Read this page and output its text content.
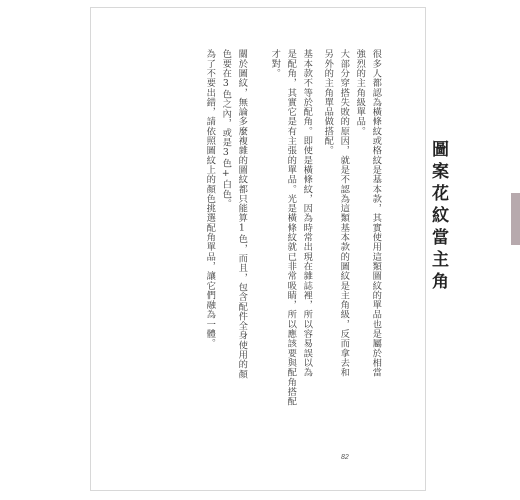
圖案花紋當主角

很多人都認為橫條紋或格紋是基本款，其實使用這類圖紋的單品也是屬於相當

強烈的主角級單品。

大部分穿搭失敗的原因，就是不認為這類基本款的圖紋是主角級，反而拿去和

另外的主角單品做搭配。

基本款不等於配角。即使是橫條紋，因為時常出現在雜誌裡，所以容易誤以為

是配角，其實它是有主張的單品。光是橫條紋就已非常吸睛，所以應該要與配角搭配

才對。

關於圖紋，無論多麼複雜的圖紋都只能算1色，而且，包含配件全身使用的顏

色要在3色之內，或是3色+白色。

為了不要出錯，請依照圖紋上的顏色挑選配角單品，讓它們融為一體。

82
